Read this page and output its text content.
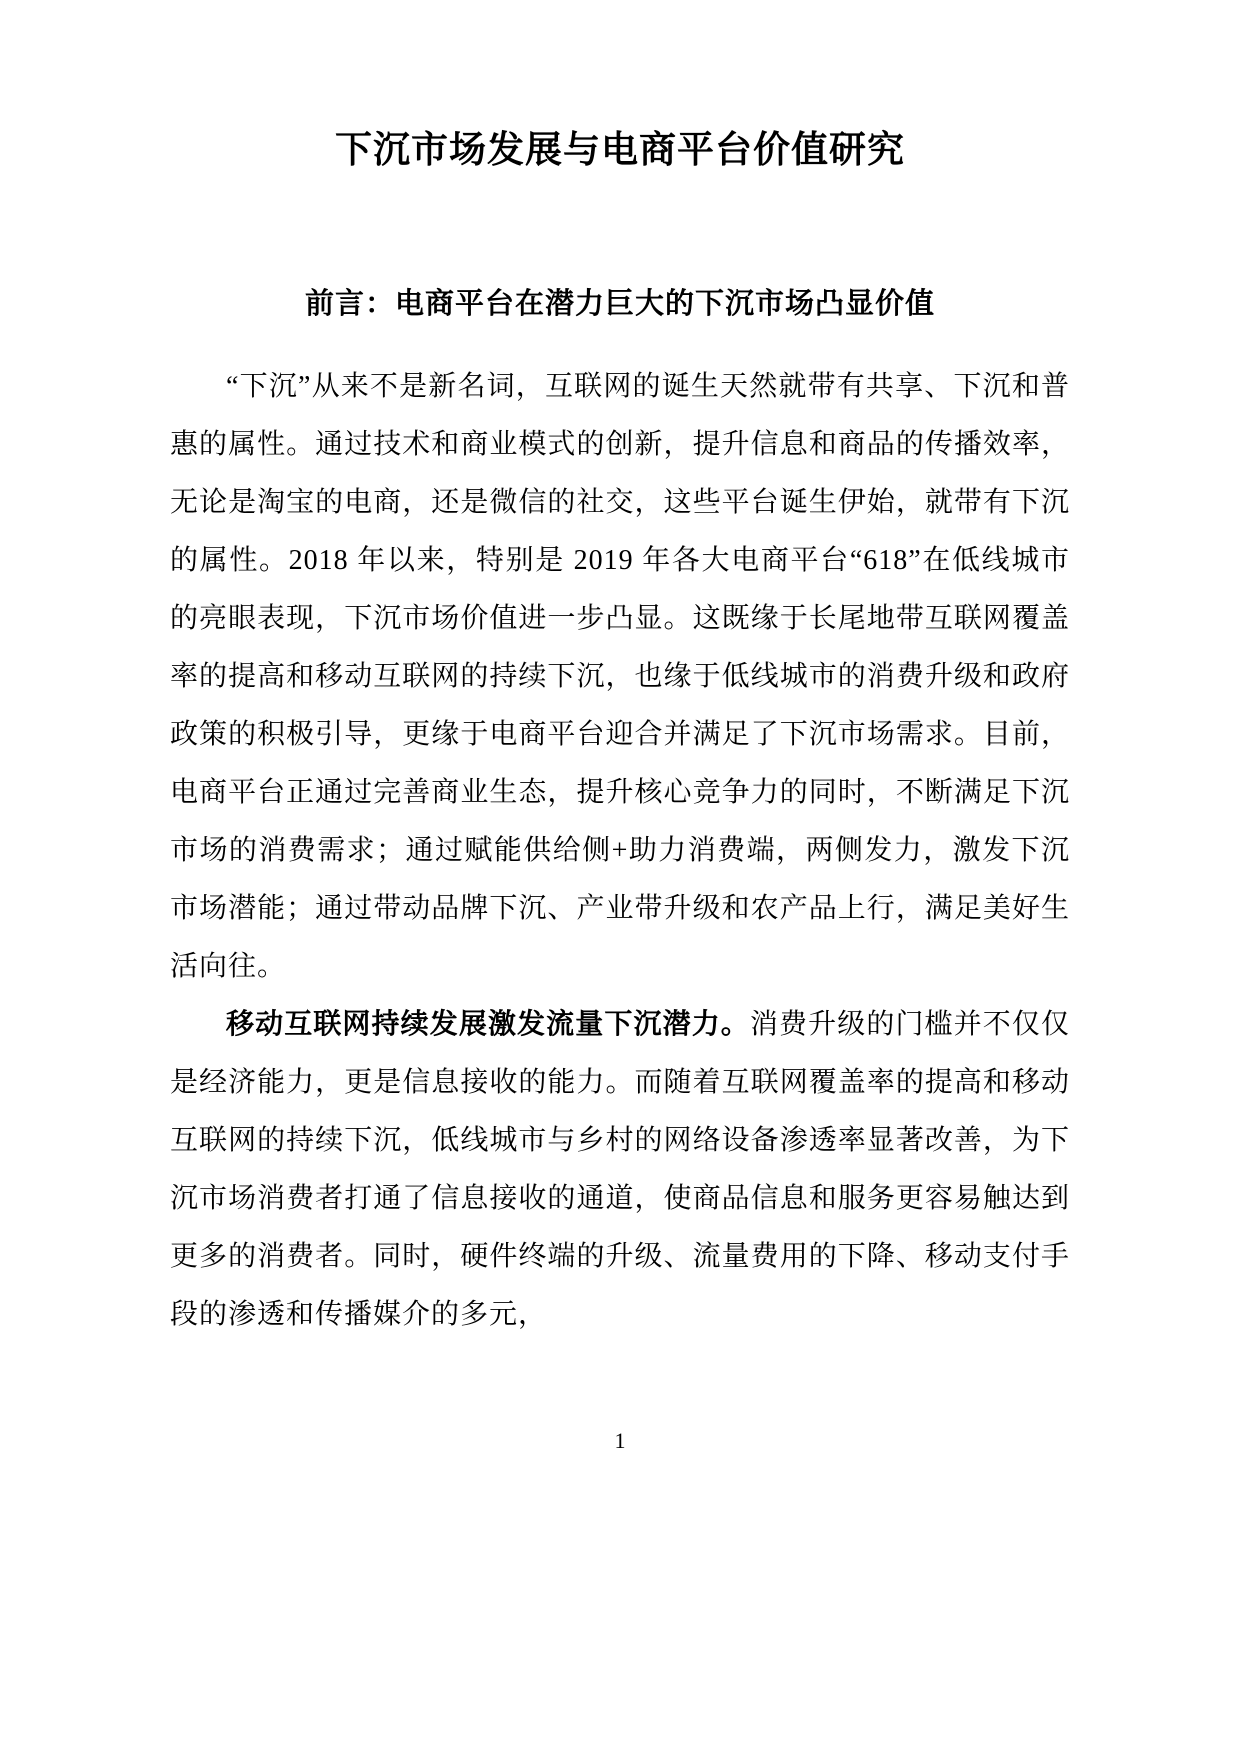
下沉市场发展与电商平台价值研究
前言：电商平台在潜力巨大的下沉市场凸显价值

“下沉”从来不是新名词，互联网的诞生天然就带有共享、下沉和普惠的属性。通过技术和商业模式的创新，提升信息和商品的传播效率，无论是淘宝的电商，还是微信的社交，这些平台诞生伊始，就带有下沉的属性。2018 年以来，特别是 2019 年各大电商平台“618”在低线城市的亮眼表现，下沉市场价值进一步凸显。这既缘于长尾地带互联网覆盖率的提高和移动互联网的持续下沉，也缘于低线城市的消费升级和政府政策的积极引导，更缘于电商平台迎合并满足了下沉市场需求。目前，电商平台正通过完善商业生态，提升核心竞争力的同时，不断满足下沉市场的消费需求；通过赋能供给侧+助力消费端，两侧发力，激发下沉市场潜能；通过带动品牌下沉、产业带升级和农产品上行，满足美好生活向往。

移动互联网持续发展激发流量下沉潜力。消费升级的门槛并不仅仅是经济能力，更是信息接收的能力。而随着互联网覆盖率的提高和移动互联网的持续下沉，低线城市与乡村的网络设备渗透率显著改善，为下沉市场消费者打通了信息接收的通道，使商品信息和服务更容易触达到更多的消费者。同时，硬件终端的升级、流量费用的下降、移动支付手段的渗透和传播媒介的多元，

1
